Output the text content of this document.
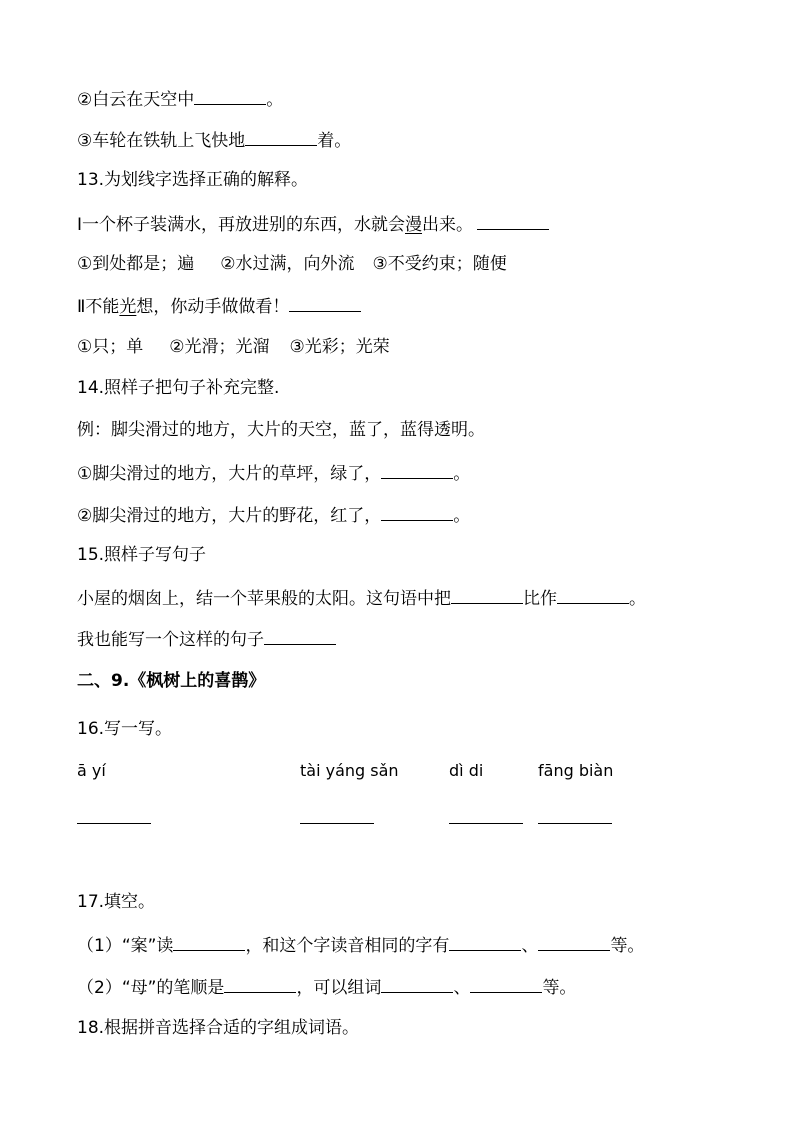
②白云在天空中	。
③车轮在铁轨上飞快地	着。
13.为划线字选择正确的解释。
Ⅰ一个杯子装满水，再放进别的东西，水就会漫出来。
①到处都是；遍 ②水过满，向外流 ③不受约束；随便
Ⅱ不能光想，你动手做做看！
①只；单 ②光滑；光溜 ③光彩；光荣
14.照样子把句子补充完整.
例：脚尖滑过的地方，大片的天空，蓝了，蓝得透明。
①脚尖滑过的地方，大片的草坪，绿了，	。
②脚尖滑过的地方，大片的野花，红了，	。
15.照样子写句子
小屋的烟囱上，结一个苹果般的太阳。这句语中把	比作	。
我也能写一个这样的句子
二、9.《枫树上的喜鹊》
16.写一写。
ā yí	tài yáng sǎn	dì di	fāng biàn
17.填空。
（1）“案”读	，和这个字读音相同的字有	、	等。
（2）“母”的笔顺是	，可以组词	、	等。
18.根据拼音选择合适的字组成词语。
